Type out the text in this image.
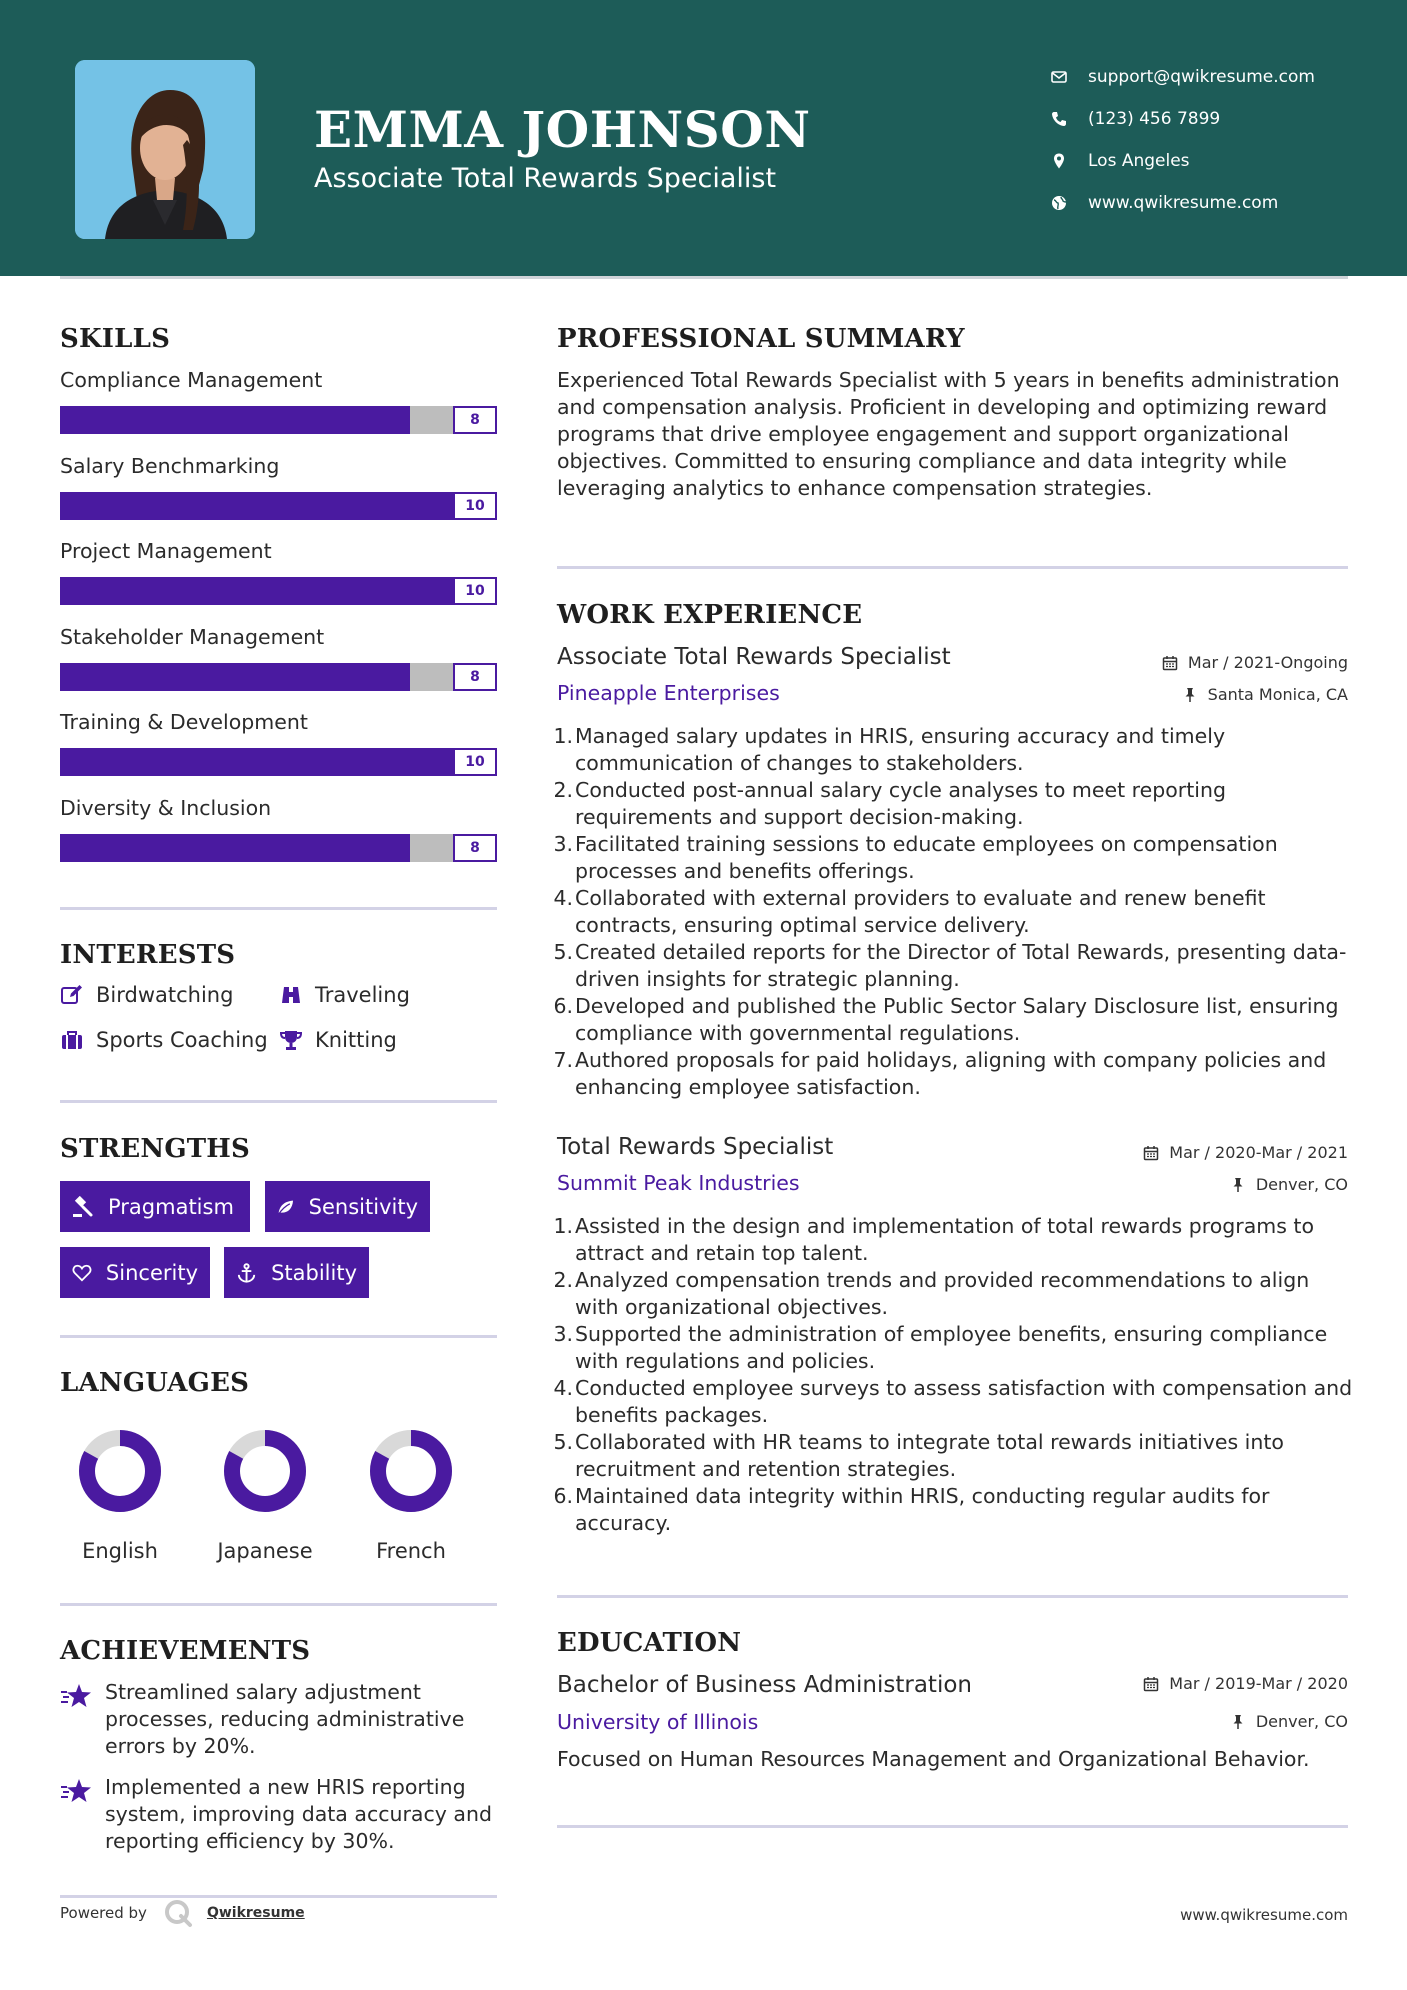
EMMA JOHNSON
Associate Total Rewards Specialist
support@qwikresume.com
(123) 456 7899
Los Angeles
www.qwikresume.com
SKILLS
Compliance Management
8
Salary Benchmarking
10
Project Management
10
Stakeholder Management
8
Training & Development
10
Diversity & Inclusion
8
INTERESTS
Birdwatching	Traveling
Sports Coaching Knitting
STRENGTHS
Pragmatism	Sensitivity
Sincerity	Stability
LANGUAGES
English	Japanese	French
ACHIEVEMENTS
Streamlined salary adjustment processes, reducing administrative errors by 20%.
Implemented a new HRIS reporting system, improving data accuracy and reporting efficiency by 30%.
PROFESSIONAL SUMMARY
Experienced Total Rewards Specialist with 5 years in benefits administration and compensation analysis. Proficient in developing and optimizing reward programs that drive employee engagement and support organizational objectives. Committed to ensuring compliance and data integrity while leveraging analytics to enhance compensation strategies.
WORK EXPERIENCE
Associate Total Rewards Specialist	Mar / 2021-Ongoing
Pineapple Enterprises	Santa Monica, CA
1. Managed salary updates in HRIS, ensuring accuracy and timely communication of changes to stakeholders.
2. Conducted post-annual salary cycle analyses to meet reporting requirements and support decision-making.
3. Facilitated training sessions to educate employees on compensation processes and benefits offerings.
4. Collaborated with external providers to evaluate and renew benefit contracts, ensuring optimal service delivery.
5. Created detailed reports for the Director of Total Rewards, presenting data-driven insights for strategic planning.
6. Developed and published the Public Sector Salary Disclosure list, ensuring compliance with governmental regulations.
7. Authored proposals for paid holidays, aligning with company policies and enhancing employee satisfaction.
Total Rewards Specialist	Mar / 2020-Mar / 2021
Summit Peak Industries	Denver, CO
1. Assisted in the design and implementation of total rewards programs to attract and retain top talent.
2. Analyzed compensation trends and provided recommendations to align with organizational objectives.
3. Supported the administration of employee benefits, ensuring compliance with regulations and policies.
4. Conducted employee surveys to assess satisfaction with compensation and benefits packages.
5. Collaborated with HR teams to integrate total rewards initiatives into recruitment and retention strategies.
6. Maintained data integrity within HRIS, conducting regular audits for accuracy.
EDUCATION
Bachelor of Business Administration	Mar / 2019-Mar / 2020
University of Illinois	Denver, CO
Focused on Human Resources Management and Organizational Behavior.
Powered by	Qwikresume	www.qwikresume.com
